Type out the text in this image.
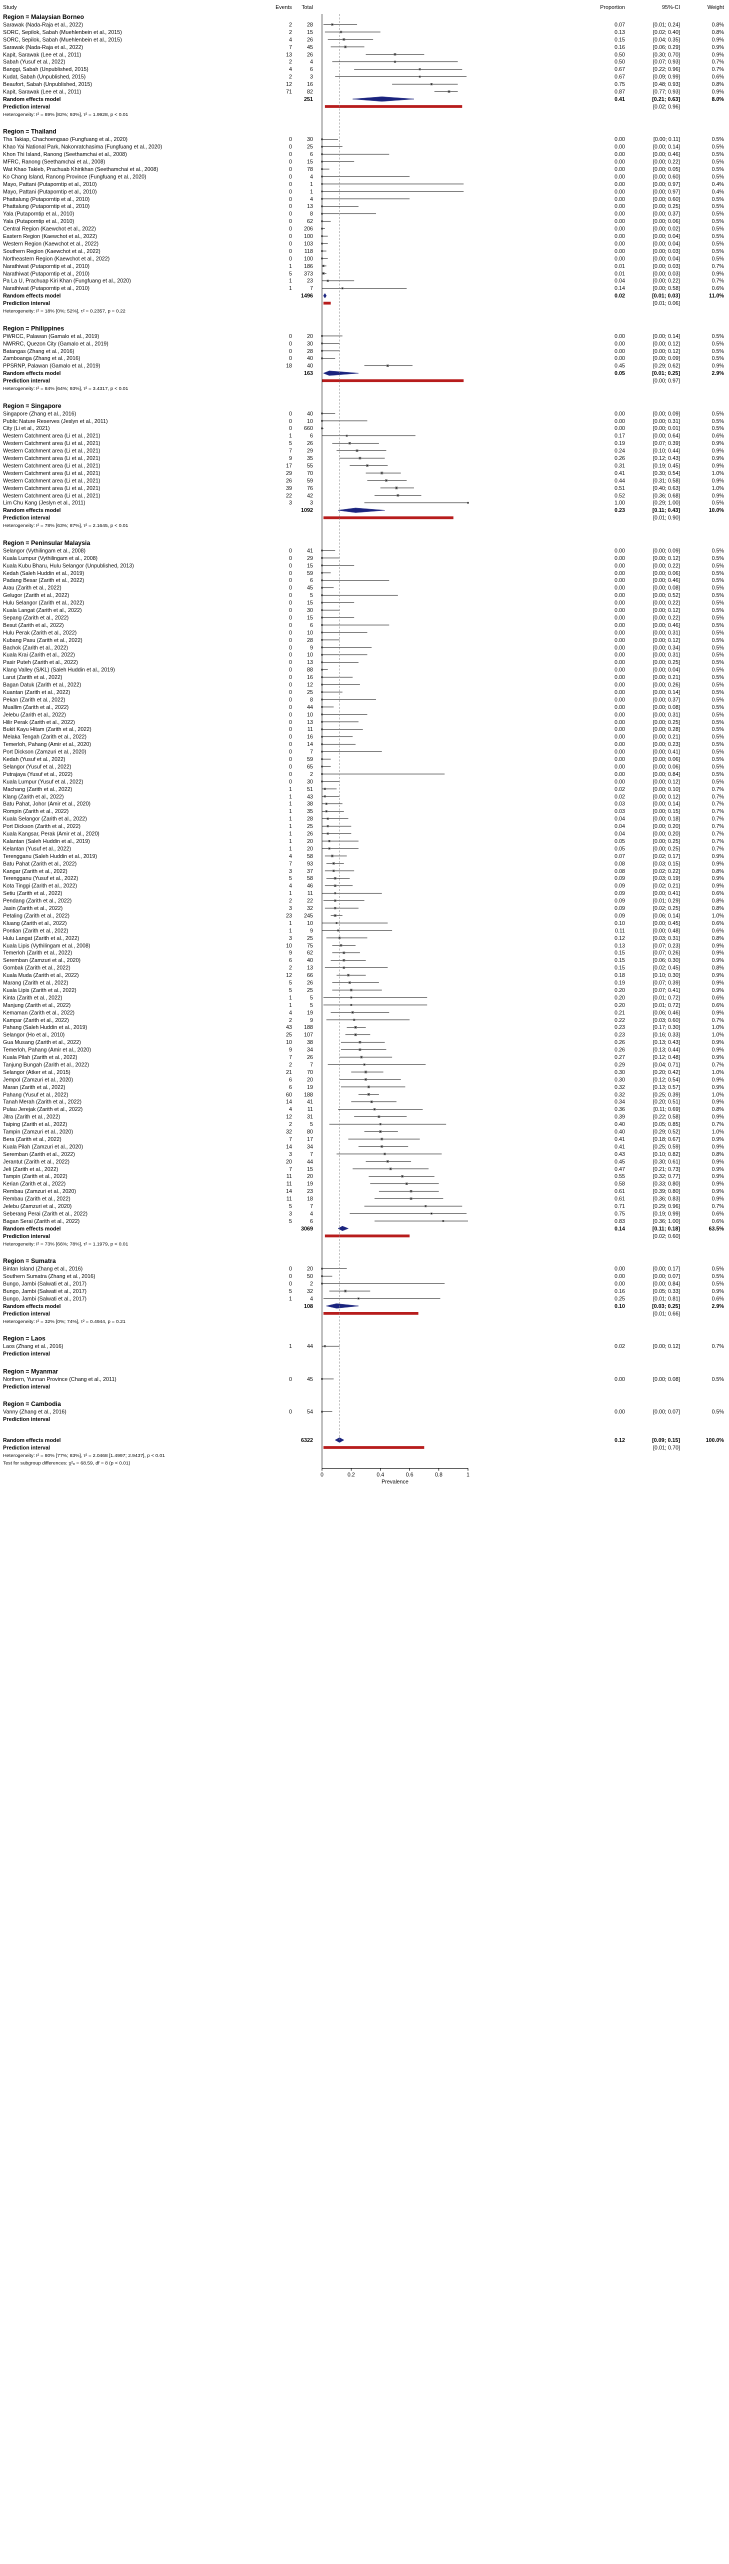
Study	Events Total	Proportion	95%-CI	Weight
Region = Malaysian Borneo
Sarawak (Nada-Raja et al., 2022)	2	28	0.07	[0.01; 0.24]	0.8%
SORC, Sepilok, Sabah (Muehlenbein et al., 2015)	2	15	0.13	[0.02; 0.40]	0.8%
SORC, Sepilok, Sabah (Muehlenbein et al., 2015)	4	26	0.15	[0.04; 0.35]	0.9%
Sarawak (Nada-Raja et al., 2022)	7	45	0.16	[0.06; 0.29]	0.9%
Kapit, Sarawak (Lee et al., 2011)	13	26	0.50	[0.30; 0.70]	0.9%
Sabah (Yusuf et al., 2022)	2	4	0.50	[0.07; 0.93]	0.7%
Banggi, Sabah (Unpublished, 2015)	4	6	0.67	[0.22; 0.96]	0.7%
Kudat, Sabah (Unpublished, 2015)	2	3	0.67	[0.09; 0.99]	0.6%
Beaufort, Sabah (Unpublished, 2015)	12	16	0.75	[0.48; 0.93]	0.8%
Kapit, Sarawak (Lee et al., 2011)	71	82	0.87	[0.77; 0.93]	0.9%
Random effects model	251	0.41	[0.21; 0.63]	8.0%
Prediction interval	[0.02; 0.96]
Heterogeneity: I² = 89% [82%; 93%], τ² = 1.9928, p < 0.01
Region = Thailand
Tha Takiap, Chachoengsao (Fungfuang et al., 2020)	0	30	0.00	[0.00; 0.11]	0.5%
Khao Yai National Park, Nakonratchasima (Fungfuang et al., 2020)	0	25	0.00	[0.00; 0.14]	0.5%
Khon Thi Island, Ranong (Seethamchai et al., 2008)	0	6	0.00	[0.00; 0.46]	0.5%
MFRC, Ranong (Seethamchai et al., 2008)	0	15	0.00	[0.00; 0.22]	0.5%
Wat Khao Takieb, Prachuab Khirikhan (Seethamchai et al., 2008)	0	78	0.00	[0.00; 0.05]	0.5%
Ko Chang Island, Ranong Province (Fungfuang et al., 2020)	0	4	0.00	[0.00; 0.60]	0.5%
Mayo, Pattani (Putaporntip et al., 2010)	0	1	0.00	[0.00; 0.97]	0.4%
Mayo, Pattani (Putaporntip et al., 2010)	0	1	0.00	[0.00; 0.97]	0.4%
Phattalung (Putaporntip et al., 2010)	0	4	0.00	[0.00; 0.60]	0.5%
Phattalung (Putaporntip et al., 2010)	0	13	0.00	[0.00; 0.25]	0.5%
Yala (Putaporntip et al., 2010)	0	8	0.00	[0.00; 0.37]	0.5%
Yala (Putaporntip et al., 2010)	0	62	0.00	[0.00; 0.06]	0.5%
Central Region (Kaewchot et al., 2022)	0 206	0.00	[0.00; 0.02]	0.5%
Eastern Region (Kaewchot et al., 2022)	0 100	0.00	[0.00; 0.04]	0.5%
Western Region (Kaewchot et al., 2022)	0 103	0.00	[0.00; 0.04]	0.5%
Southern Region (Kaewchot et al., 2022)	0 118	0.00	[0.00; 0.03]	0.5%
Northeastern Region (Kaewchot et al., 2022)	0 100	0.00	[0.00; 0.04]	0.5%
Narathiwat (Putaporntip et al., 2010)	1 186	0.01	[0.00; 0.03]	0.7%
Narathiwat (Putaporntip et al., 2010)	5 373	0.01	[0.00; 0.03]	0.9%
Pa La U, Prachuap Kiri Khan (Fungfuang et al., 2020)	1	23	0.04	[0.00; 0.22]	0.7%
Narathiwat (Putaporntip et al., 2010)	1	7	0.14	[0.00; 0.58]	0.6%
Random effects model	1496	0.02	[0.01; 0.03]	11.0%
Prediction interval	[0.01; 0.06]
Heterogeneity: I² = 18% [0%; 52%], τ² = 0.2357, p = 0.22
Region = Philippines
PWRCC, Palawan (Gamalo et al., 2019)	0	20	0.00	[0.00; 0.14]	0.5%
NWRRC, Quezon City (Gamalo et al., 2019)	0	30	0.00	[0.00; 0.12]	0.5%
Batangas (Zhang et al., 2016)	0	28	0.00	[0.00; 0.12]	0.5%
Zamboanga (Zhang et al., 2016)	0	40	0.00	[0.00; 0.09]	0.5%
PPSRNP, Palawan (Gamalo et al., 2019)	18	40	0.45	[0.29; 0.62]	0.9%
Random effects model	163	0.05	[0.01; 0.25]	2.9%
Prediction interval	[0.00; 0.97]
Heterogeneity: I² = 84% [64%; 93%], τ² = 3.4317, p < 0.01
Region = Singapore
Singapore (Zhang et al., 2016)	0	40	0.00	[0.00; 0.09]	0.5%
Public Nature Reserves (Jeslyn et al., 2011)	0	10	0.00	[0.00; 0.31]	0.5%
City (Li et al., 2021)	0 660	0.00	[0.00; 0.01]	0.5%
Western Catchment area (Li et al., 2021)	1	6	0.17	[0.00; 0.64]	0.6%
Western Catchment area (Li et al., 2021)	5	26	0.19	[0.07; 0.39]	0.9%
Western Catchment area (Li et al., 2021)	7	29	0.24	[0.10; 0.44]	0.9%
Western Catchment area (Li et al., 2021)	9	35	0.26	[0.12; 0.43]	0.9%
Western Catchment area (Li et al., 2021)	17	55	0.31	[0.19; 0.45]	0.9%
Western Catchment area (Li et al., 2021)	29	70	0.41	[0.30; 0.54]	1.0%
Western Catchment area (Li et al., 2021)	26	59	0.44	[0.31; 0.58]	0.9%
Western Catchment area (Li et al., 2021)	39	76	0.51	[0.40; 0.63]	1.0%
Western Catchment area (Li et al., 2021)	22	42	0.52	[0.36; 0.68]	0.9%
Lim Chu Kang (Jeslyn et al., 2011)	3	3	1.00	[0.29; 1.00]	0.5%
Random effects model	1092	0.23	[0.11; 0.43]	10.0%
Prediction interval	[0.01; 0.90]
Heterogeneity: I² = 78% [63%; 87%], τ² = 2.1645, p < 0.01
Region = Peninsular Malaysia
Selangor (Vythilingam et al., 2008)	0	41	0.00	[0.00; 0.09]	0.5%
Kuala Lumpur (Vythilingam et al., 2008)	0	29	0.00	[0.00; 0.12]	0.5%
Kuala Kubu Bharu, Hulu Selangor (Unpublished, 2013)	0	15	0.00	[0.00; 0.22]	0.5%
Kedah (Saleh Huddin et al., 2019)	0	59	0.00	[0.00; 0.06]	0.5%
Padang Besar (Zarith et al., 2022)	0	6	0.00	[0.00; 0.46]	0.5%
Arau (Zarith et al., 2022)	0	45	0.00	[0.00; 0.08]	0.5%
Gelugor (Zarith et al., 2022)	0	5	0.00	[0.00; 0.52]	0.5%
Hulu Selangor (Zarith et al., 2022)	0	15	0.00	[0.00; 0.22]	0.5%
Kuala Langat (Zarith et al., 2022)	0	30	0.00	[0.00; 0.12]	0.5%
Sepang (Zarith et al., 2022)	0	15	0.00	[0.00; 0.22]	0.5%
Besut (Zarith et al., 2022)	0	6	0.00	[0.00; 0.46]	0.5%
Hulu Perak (Zarith et al., 2022)	0	10	0.00	[0.00; 0.31]	0.5%
Kubang Pasu (Zarith et al., 2022)	0	28	0.00	[0.00; 0.12]	0.5%
Bachok (Zarith et al., 2022)	0	9	0.00	[0.00; 0.34]	0.5%
Kuala Krai (Zarith et al., 2022)	0	10	0.00	[0.00; 0.31]	0.5%
Pasir Puteh (Zarith et al., 2022)	0	13	0.00	[0.00; 0.25]	0.5%
Klang Valley (S/KL) (Saleh Huddin et al., 2019)	0	88	0.00	[0.00; 0.04]	0.5%
Larut (Zarith et al., 2022)	0	16	0.00	[0.00; 0.21]	0.5%
Bagan Datuk (Zarith et al., 2022)	0	12	0.00	[0.00; 0.26]	0.5%
Kuantan (Zarith et al., 2022)	0	25	0.00	[0.00; 0.14]	0.5%
Pekan (Zarith et al., 2022)	0	8	0.00	[0.00; 0.37]	0.5%
Muallim (Zarith et al., 2022)	0	44	0.00	[0.00; 0.08]	0.5%
Jelebu (Zarith et al., 2022)	0	10	0.00	[0.00; 0.31]	0.5%
Hilir Perak (Zarith et al., 2022)	0	13	0.00	[0.00; 0.25]	0.5%
Bukit Kayu Hitam (Zarith et al., 2022)	0	11	0.00	[0.00; 0.28]	0.5%
Melaka Tengah (Zarith et al., 2022)	0	16	0.00	[0.00; 0.21]	0.5%
Temerloh, Pahang (Amir et al., 2020)	0	14	0.00	[0.00; 0.23]	0.5%
Port Dickson (Zamzuri et al., 2020)	0	7	0.00	[0.00; 0.41]	0.5%
Kedah (Yusuf et al., 2022)	0	59	0.00	[0.00; 0.06]	0.5%
Selangor (Yusuf et al., 2022)	0	65	0.00	[0.00; 0.06]	0.5%
Putrajaya (Yusuf et al., 2022)	0	2	0.00	[0.00; 0.84]	0.5%
Kuala Lumpur (Yusuf et al., 2022)	0	30	0.00	[0.00; 0.12]	0.5%
Machang (Zarith et al., 2022)	1	51	0.02	[0.00; 0.10]	0.7%
Klang (Zarith et al., 2022)	1	43	0.02	[0.00; 0.12]	0.7%
Batu Pahat, Johor (Amir et al., 2020)	1	38	0.03	[0.00; 0.14]	0.7%
Rompin (Zarith et al., 2022)	1	35	0.03	[0.00; 0.15]	0.7%
Kuala Selangor (Zarith et al., 2022)	1	28	0.04	[0.00; 0.18]	0.7%
Port Dickson (Zarith et al., 2022)	1	25	0.04	[0.00; 0.20]	0.7%
Kuala Kangsar, Perak (Amir et al., 2020)	1	26	0.04	[0.00; 0.20]	0.7%
Kalantan (Saleh Huddin et al., 2019)	1	20	0.05	[0.00; 0.25]	0.7%
Kelantan (Yusuf et al., 2022)	1	20	0.05	[0.00; 0.25]	0.7%
Terengganu (Saleh Huddin et al., 2019)	4	58	0.07	[0.02; 0.17]	0.9%
Batu Pahat (Zarith et al., 2022)	7	93	0.08	[0.03; 0.15]	0.9%
Kangar (Zarith et al., 2022)	3	37	0.08	[0.02; 0.22]	0.8%
Terengganu (Yusuf et al., 2022)	5	58	0.09	[0.03; 0.19]	0.9%
Kota Tinggi (Zarith et al., 2022)	4	46	0.09	[0.02; 0.21]	0.9%
Setiu (Zarith et al., 2022)	1	11	0.09	[0.00; 0.41]	0.6%
Pendang (Zarith et al., 2022)	2	22	0.09	[0.01; 0.29]	0.8%
Jasin (Zarith et al., 2022)	3	32	0.09	[0.02; 0.25]	0.8%
Petaling (Zarith et al., 2022)	23 245	0.09	[0.06; 0.14]	1.0%
Kluang (Zarith et al., 2022)	1	10	0.10	[0.00; 0.45]	0.6%
Pontian (Zarith et al., 2022)	1	9	0.11	[0.00; 0.48]	0.6%
Hulu Langat (Zarith et al., 2022)	3	25	0.12	[0.03; 0.31]	0.8%
Kuala Lipis (Vythilingam et al., 2008)	10	75	0.13	[0.07; 0.23]	0.9%
Temerloh (Zarith et al., 2022)	9	62	0.15	[0.07; 0.26]	0.9%
Seremban (Zamzuri et al., 2020)	6	40	0.15	[0.06; 0.30]	0.9%
Gombak (Zarith et al., 2022)	2	13	0.15	[0.02; 0.45]	0.8%
Kuala Muda (Zarith et al., 2022)	12	66	0.18	[0.10; 0.30]	0.9%
Marang (Zarith et al., 2022)	5	26	0.19	[0.07; 0.39]	0.9%
Kuala Lipis (Zarith et al., 2022)	5	25	0.20	[0.07; 0.41]	0.9%
Kinta (Zarith et al., 2022)	1	5	0.20	[0.01; 0.72]	0.6%
Manjung (Zarith et al., 2022)	1	5	0.20	[0.01; 0.72]	0.6%
Kemaman (Zarith et al., 2022)	4	19	0.21	[0.06; 0.46]	0.9%
Kampar (Zarith et al., 2022)	2	9	0.22	[0.03; 0.60]	0.7%
Pahang (Saleh Huddin et al., 2019)	43 188	0.23	[0.17; 0.30]	1.0%
Selangor (Ho et al., 2010)	25 107	0.23	[0.16; 0.33]	1.0%
Gua Musang (Zarith et al., 2022)	10	38	0.26	[0.13; 0.43]	0.9%
Temerloh, Pahang (Amir et al., 2020)	9	34	0.26	[0.13; 0.44]	0.9%
Kuala Pilah (Zarith et al., 2022)	7	26	0.27	[0.12; 0.48]	0.9%
Tanjung Bungah (Zarith et al., 2022)	2	7	0.29	[0.04; 0.71]	0.7%
Selangor (Atker et al., 2015)	21	70	0.30	[0.20; 0.42]	1.0%
Jempol (Zamzuri et al., 2020)	6	20	0.30	[0.12; 0.54]	0.9%
Maran (Zarith et al., 2022)	6	19	0.32	[0.13; 0.57]	0.9%
Pahang (Yusuf et al., 2022)	60 188	0.32	[0.25; 0.39]	1.0%
Tanah Merah (Zarith et al., 2022)	14	41	0.34	[0.20; 0.51]	0.9%
Pulau Jerejak (Zarith et al., 2022)	4	11	0.36	[0.11; 0.69]	0.8%
Jitra (Zarith et al., 2022)	12	31	0.39	[0.22; 0.58]	0.9%
Taiping (Zarith et al., 2022)	2	5	0.40	[0.05; 0.85]	0.7%
Tampin (Zamzuri et al., 2020)	32	80	0.40	[0.29; 0.52]	1.0%
Bera (Zarith et al., 2022)	7	17	0.41	[0.18; 0.67]	0.9%
Kuala Pilah (Zamzuri et al., 2020)	14	34	0.41	[0.25; 0.59]	0.9%
Seremban (Zarith et al., 2022)	3	7	0.43	[0.10; 0.82]	0.8%
Jerantut (Zarith et al., 2022)	20	44	0.45	[0.30; 0.61]	0.9%
Jeli (Zarith et al., 2022)	7	15	0.47	[0.21; 0.73]	0.9%
Tampin (Zarith et al., 2022)	11	20	0.55	[0.32; 0.77]	0.9%
Kerian (Zarith et al., 2022)	11	19	0.58	[0.33; 0.80]	0.9%
Rembau (Zamzuri et al., 2020)	14	23	0.61	[0.39; 0.80]	0.9%
Rembau (Zarith et al., 2022)	11	18	0.61	[0.36; 0.83]	0.9%
Jelebu (Zamzuri et al., 2020)	5	7	0.71	[0.29; 0.96]	0.7%
Seberang Perai (Zarith et al., 2022)	3	4	0.75	[0.19; 0.99]	0.6%
Bagan Serai (Zarith et al., 2022)	5	6	0.83	[0.36; 1.00]	0.6%
Random effects model	3069	0.14	[0.11; 0.18]	63.5%
Prediction interval	[0.02; 0.60]
Heterogeneity: I² = 73% [66%; 78%], τ² = 1.1979, p < 0.01
Region = Sumatra
Bintan Island (Zhang et al., 2016)	0	20	0.00	[0.00; 0.17]	0.5%
Southern Sumatra (Zhang et al., 2016)	0	50	0.00	[0.00; 0.07]	0.5%
Bungo, Jambi (Salwati et al., 2017)	0	2	0.00	[0.00; 0.84]	0.5%
Bungo, Jambi (Salwati et al., 2017)	5	32	0.16	[0.05; 0.33]	0.9%
Bungo, Jambi (Salwati et al., 2017)	1	4	0.25	[0.01; 0.81]	0.6%
Random effects model	108	0.10	[0.03; 0.25]	2.9%
Prediction interval	[0.01; 0.66]
Heterogeneity: I² = 32% [0%; 74%], τ² = 0.4944, p = 0.21
Region = Laos
Laos (Zhang et al., 2016)	1	44	0.02	[0.00; 0.12]	0.7%
Prediction interval
Region = Myanmar
Northern, Yunnan Province (Chang et al., 2011)	0	45	0.00	[0.00; 0.08]	0.5%
Prediction interval
Region = Cambodia
Vanny (Zhang et al., 2016)	0	54	0.00	[0.00; 0.07]	0.5%
Prediction interval
Random effects model	6322	0.12	[0.09; 0.15]	100.0%
Prediction interval	[0.01; 0.70]
Heterogeneity: I² = 80% [77%; 83%], τ² = 2.0468 [1.4997; 2.9437], p < 0.01
Test for subgroup differences: χ²₈ = 68.59, df = 8 (p < 0.01)
0	0.2	0.4	0.6	0.8	1
Prevalence
